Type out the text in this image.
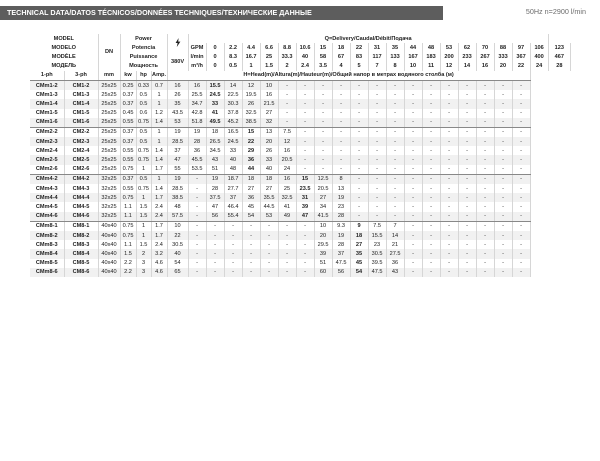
TECHNICAL DATA/DATOS TÉCNICOS/DONNÉES TECHNIQUES/ТЕХНИЧЕСКИЕ ДАННЫЕ	50Hz n=2900 l/min
MODEL		DN	Power				Q=Delivery/Caudal/Débit/Подача																				
MODELO			Potencia				GPM	0	2.2	4.4	6.6	8.8	10.6	15	18	22	31	35	44	48	53	62	70	88	97	106	123
MODÈLE			Puissance			380V	l/min	0	8.3	16.7	25	33.3	40	58	67	83	117	133	167	183	200	233	267	333	367	400	467
МОДЕЛЬ			Мощность				m³/h	0	0.5	1	1.5	2	2.4	3.5	4	5	7	8	10	11	12	14	16	20	22	24	28
1-ph	3-ph	mm	kw	hp	Amp.	H=Head(m)/Altura(m)/Hauteur(m)/Общий напор в метрах водяного столба (м)																					
CMm1-2	CM1-2	25x25	0.25	0.33	0.7	16	16	15.5	14	12	10	-	-	-	-	-	-	-	-	-	-	-	-	-	-		
CMm1-3	CM1-3	25x25	0.37	0.5	1	26	25.5	24.5	22.5	19.5	16	-	-	-	-	-	-	-	-	-	-	-	-	-	-		
CMm1-4	CM1-4	25x25	0.37	0.5	1	35	34.7	33	30.3	26	21.5	-	-	-	-	-	-	-	-	-	-	-	-	-	-		
CMm1-5	CM1-5	25x25	0.45	0.6	1.2	43.5	42.8	41	37.8	32.5	27	-	-	-	-	-	-	-	-	-	-	-	-	-	-		
CMm1-6	CM1-6	25x25	0.55	0.75	1.4	53	51.8	49.5	45.2	38.5	32	-	-	-	-	-	-	-	-	-	-	-	-	-	-		
CMm2-2	CM2-2	25x25	0.37	0.5	1	19	19	18	16.5	15	13	7.5	-	-	-	-	-	-	-	-	-	-	-	-	-		
CMm2-3	CM2-3	25x25	0.37	0.5	1	28.5	28	26.5	24.5	22	20	12	-	-	-	-	-	-	-	-	-	-	-	-	-		
CMm2-4	CM2-4	25x25	0.55	0.75	1.4	37	36	34.5	33	29	26	16	-	-	-	-	-	-	-	-	-	-	-	-	-		
CMm2-5	CM2-5	25x25	0.55	0.75	1.4	47	45.5	43	40	36	33	20.5	-	-	-	-	-	-	-	-	-	-	-	-	-		
CMm2-6	CM2-6	25x25	0.75	1	1.7	55	53.5	51	48	44	40	24	-	-	-	-	-	-	-	-	-	-	-	-	-		
CMm4-2	CM4-2	32x25	0.37	0.5	1	19	-	19	18.7	18	18	16	15	12.5	8	-	-	-	-	-	-	-	-	-	-		
CMm4-3	CM4-3	32x25	0.55	0.75	1.4	28.5	-	28	27.7	27	27	25	23.5	20.5	13	-	-	-	-	-	-	-	-	-	-		
CMm4-4	CM4-4	32x25	0.75	1	1.7	38.5	-	37.5	37	36	35.5	32.5	31	27	19	-	-	-	-	-	-	-	-	-	-		
CMm4-5	CM4-5	32x25	1.1	1.5	2.4	48	-	47	46.4	45	44.5	41	39	34	23	-	-	-	-	-	-	-	-	-	-		
CMm4-6	CM4-6	32x25	1.1	1.5	2.4	57.5	-	56	55.4	54	53	49	47	41.5	28	-	-	-	-	-	-	-	-	-	-		
CMm8-1	CM8-1	40x40	0.75	1	1.7	10	-	-	-	-	-	-	-	10	9.3	9	7.5	7	-	-	-	-	-	-	-		
CMm8-2	CM8-2	40x40	0.75	1	1.7	22	-	-	-	-	-	-	-	20	19	18	15.5	14	-	-	-	-	-	-	-		
CMm8-3	CM8-3	40x40	1.1	1.5	2.4	30.5	-	-	-	-	-	-	-	29.5	28	27	23	21	-	-	-	-	-	-	-		
CMm8-4	CM8-4	40x40	1.5	2	3.2	40	-	-	-	-	-	-	-	39	37	35	30.5	27.5	-	-	-	-	-	-	-		
CMm8-5	CM8-5	40x40	2.2	3	4.6	54	-	-	-	-	-	-	-	51	47.5	45	39.5	36	-	-	-	-	-	-	-		
CMm8-6	CM8-6	40x40	2.2	3	4.6	65	-	-	-	-	-	-	-	60	56	54	47.5	43	-	-	-	-	-	-	-		
